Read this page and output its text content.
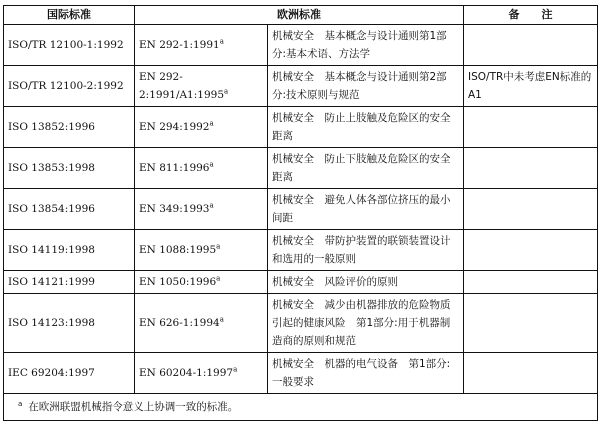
国际标准	欧洲标准		备　　注
ISO/TR 12100-1:1992	EN 292-1:1991$^a$	机械安全　基本概念与设计通则第1部分:基本术语、方法学	
ISO/TR 12100-2:1992	EN 292-2:1991/A1:1995$^a$	机械安全　基本概念与设计通则第2部分:技术原则与规范	ISO/TR中未考虑EN标准的A1
ISO 13852:1996	EN 294:1992$^a$	机械安全　防止上肢触及危险区的安全距离	
ISO 13853:1998	EN 811:1996$^a$	机械安全　防止下肢触及危险区的安全距离	
ISO 13854:1996	EN 349:1993$^a$	机械安全　避免人体各部位挤压的最小间距	
ISO 14119:1998	EN 1088:1995$^a$	机械安全　带防护装置的联锁装置设计和选用的一般原则	
ISO 14121:1999	EN 1050:1996$^a$	机械安全　风险评价的原则	
ISO 14123:1998	EN 626-1:1994$^a$	机械安全　减少由机器排放的危险物质引起的健康风险　第1部分:用于机器制造商的原则和规范	
IEC 69204:1997	EN 60204-1:1997$^a$	机械安全　机器的电气设备　第1部分:一般要求	
$^a$ 在欧洲联盟机械指令意义上协调一致的标准。			
